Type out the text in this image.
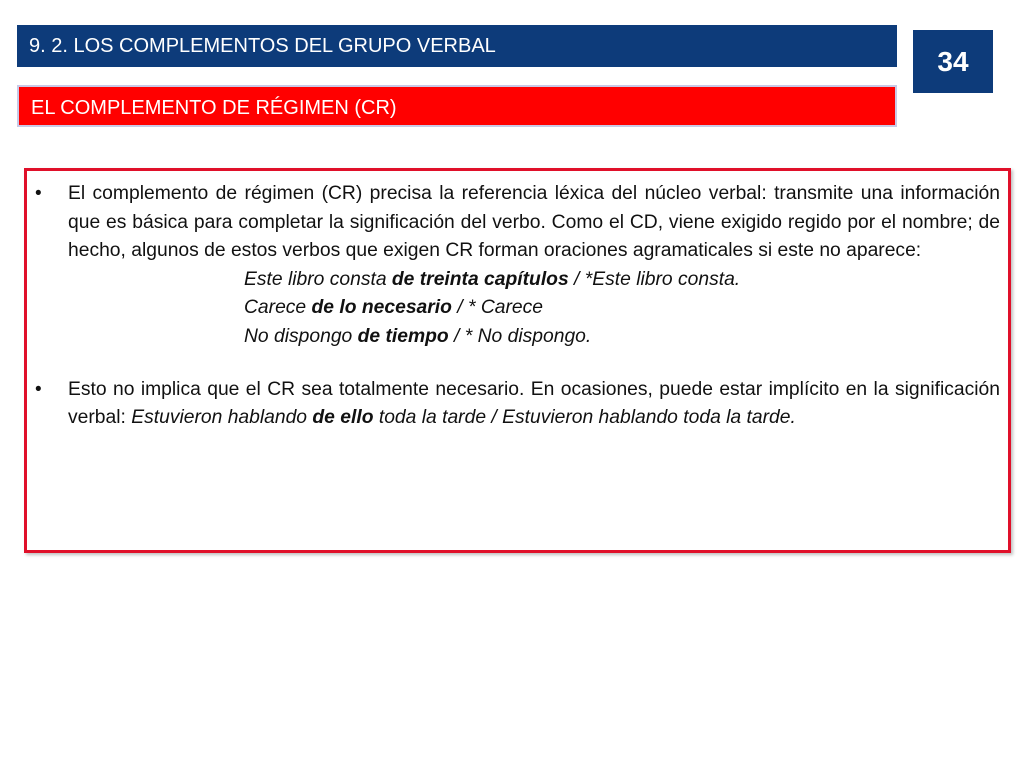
9. 2. LOS COMPLEMENTOS DEL GRUPO VERBAL	34
EL COMPLEMENTO DE RÉGIMEN (CR)
• El complemento de régimen (CR) precisa la referencia léxica del núcleo verbal: transmite una información que es básica para completar la significación del verbo. Como el CD, viene exigido regido por el nombre; de hecho, algunos de estos verbos que exigen CR forman oraciones agramaticales si este no aparece:
Este libro consta de treinta capítulos / *Este libro consta.
Carece de lo necesario / * Carece
No dispongo de tiempo / * No dispongo.
• Esto no implica que el CR sea totalmente necesario. En ocasiones, puede estar implícito en la significación verbal: Estuvieron hablando de ello toda la tarde / Estuvieron hablando toda la tarde.
